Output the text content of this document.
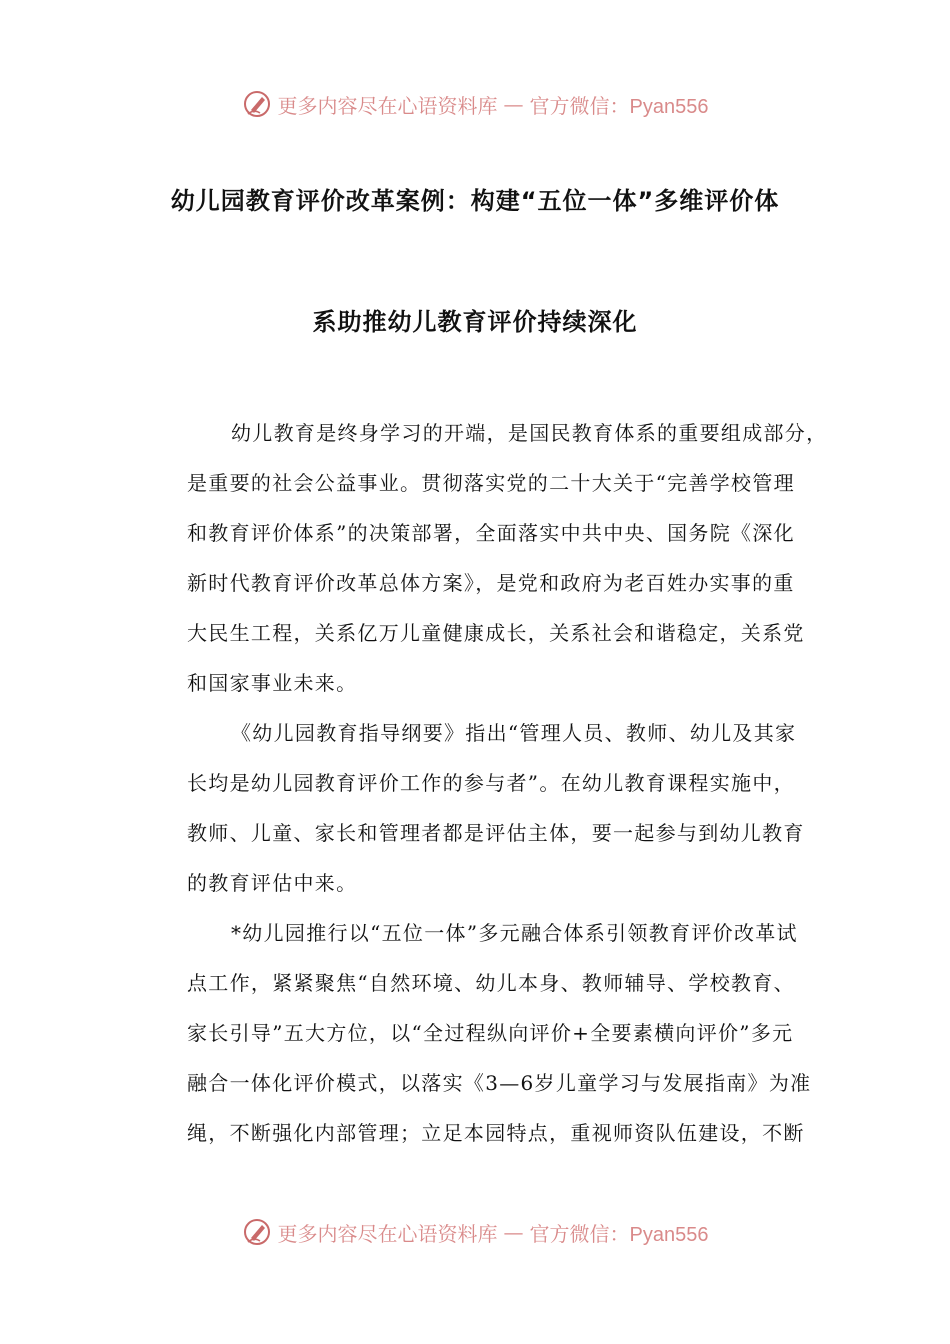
更多内容尽在心语资料库 — 官方微信：Pyan556
幼儿园教育评价改革案例：构建“五位一体”多维评价体
系助推幼儿教育评价持续深化
幼儿教育是终身学习的开端，是国民教育体系的重要组成部分，
是重要的社会公益事业。贯彻落实党的二十大关于“完善学校管理
和教育评价体系”的决策部署，全面落实中共中央、国务院《深化
新时代教育评价改革总体方案》，是党和政府为老百姓办实事的重
大民生工程，关系亿万儿童健康成长，关系社会和谐稳定，关系党
和国家事业未来。
《幼儿园教育指导纲要》指出“管理人员、教师、幼儿及其家
长均是幼儿园教育评价工作的参与者”。在幼儿教育课程实施中，
教师、儿童、家长和管理者都是评估主体，要一起参与到幼儿教育
的教育评估中来。
*幼儿园推行以“五位一体”多元融合体系引领教育评价改革试
点工作，紧紧聚焦“自然环境、幼儿本身、教师辅导、学校教育、
家长引导”五大方位，以“全过程纵向评价+全要素横向评价”多元
融合一体化评价模式，以落实《3—6岁儿童学习与发展指南》为准
绳，不断强化内部管理；立足本园特点，重视师资队伍建设，不断
更多内容尽在心语资料库 — 官方微信：Pyan556
